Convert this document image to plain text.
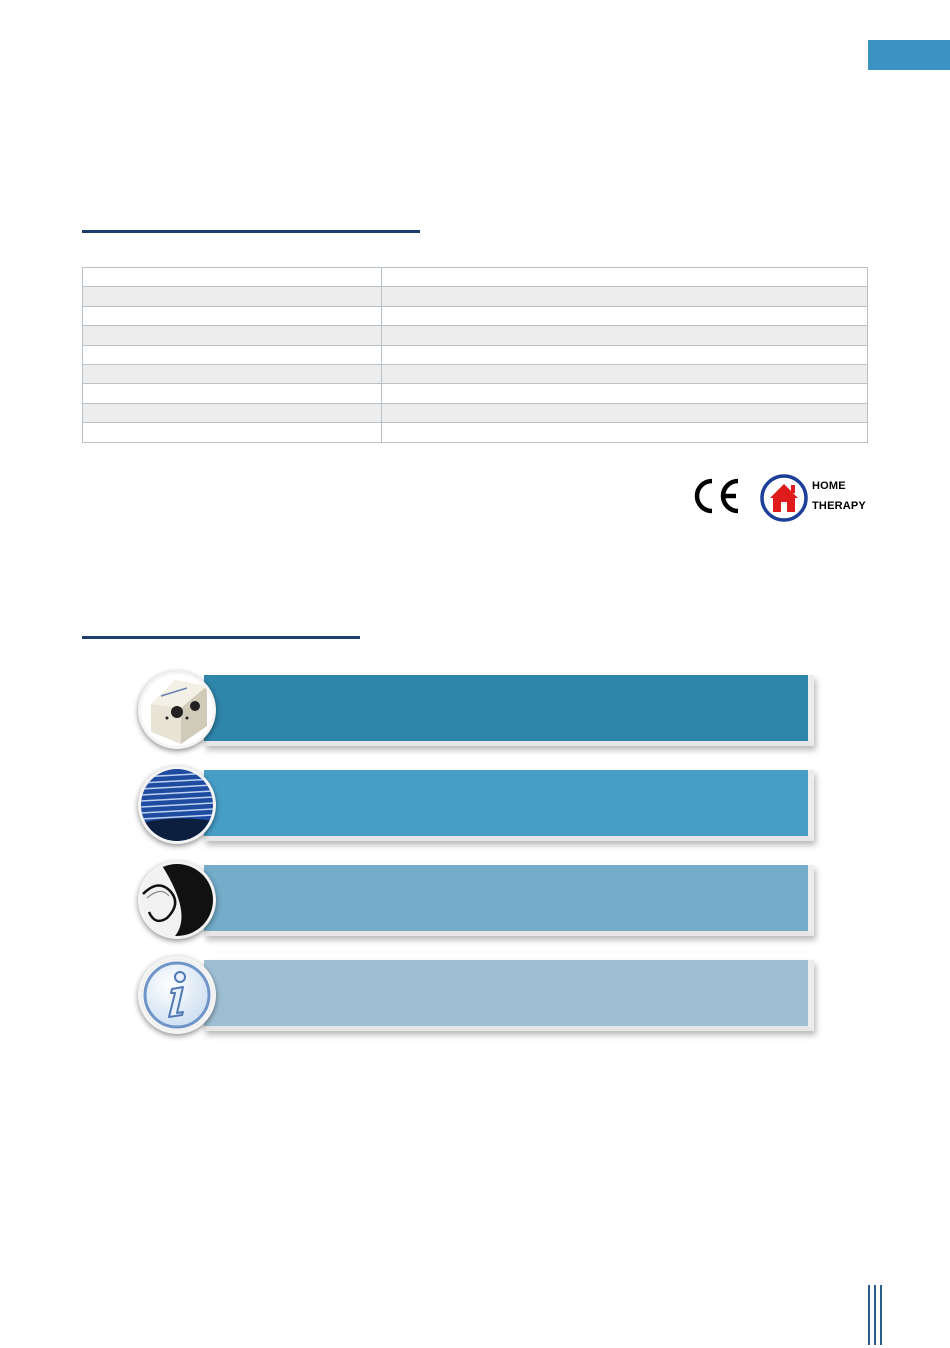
HOME
THERAPY
